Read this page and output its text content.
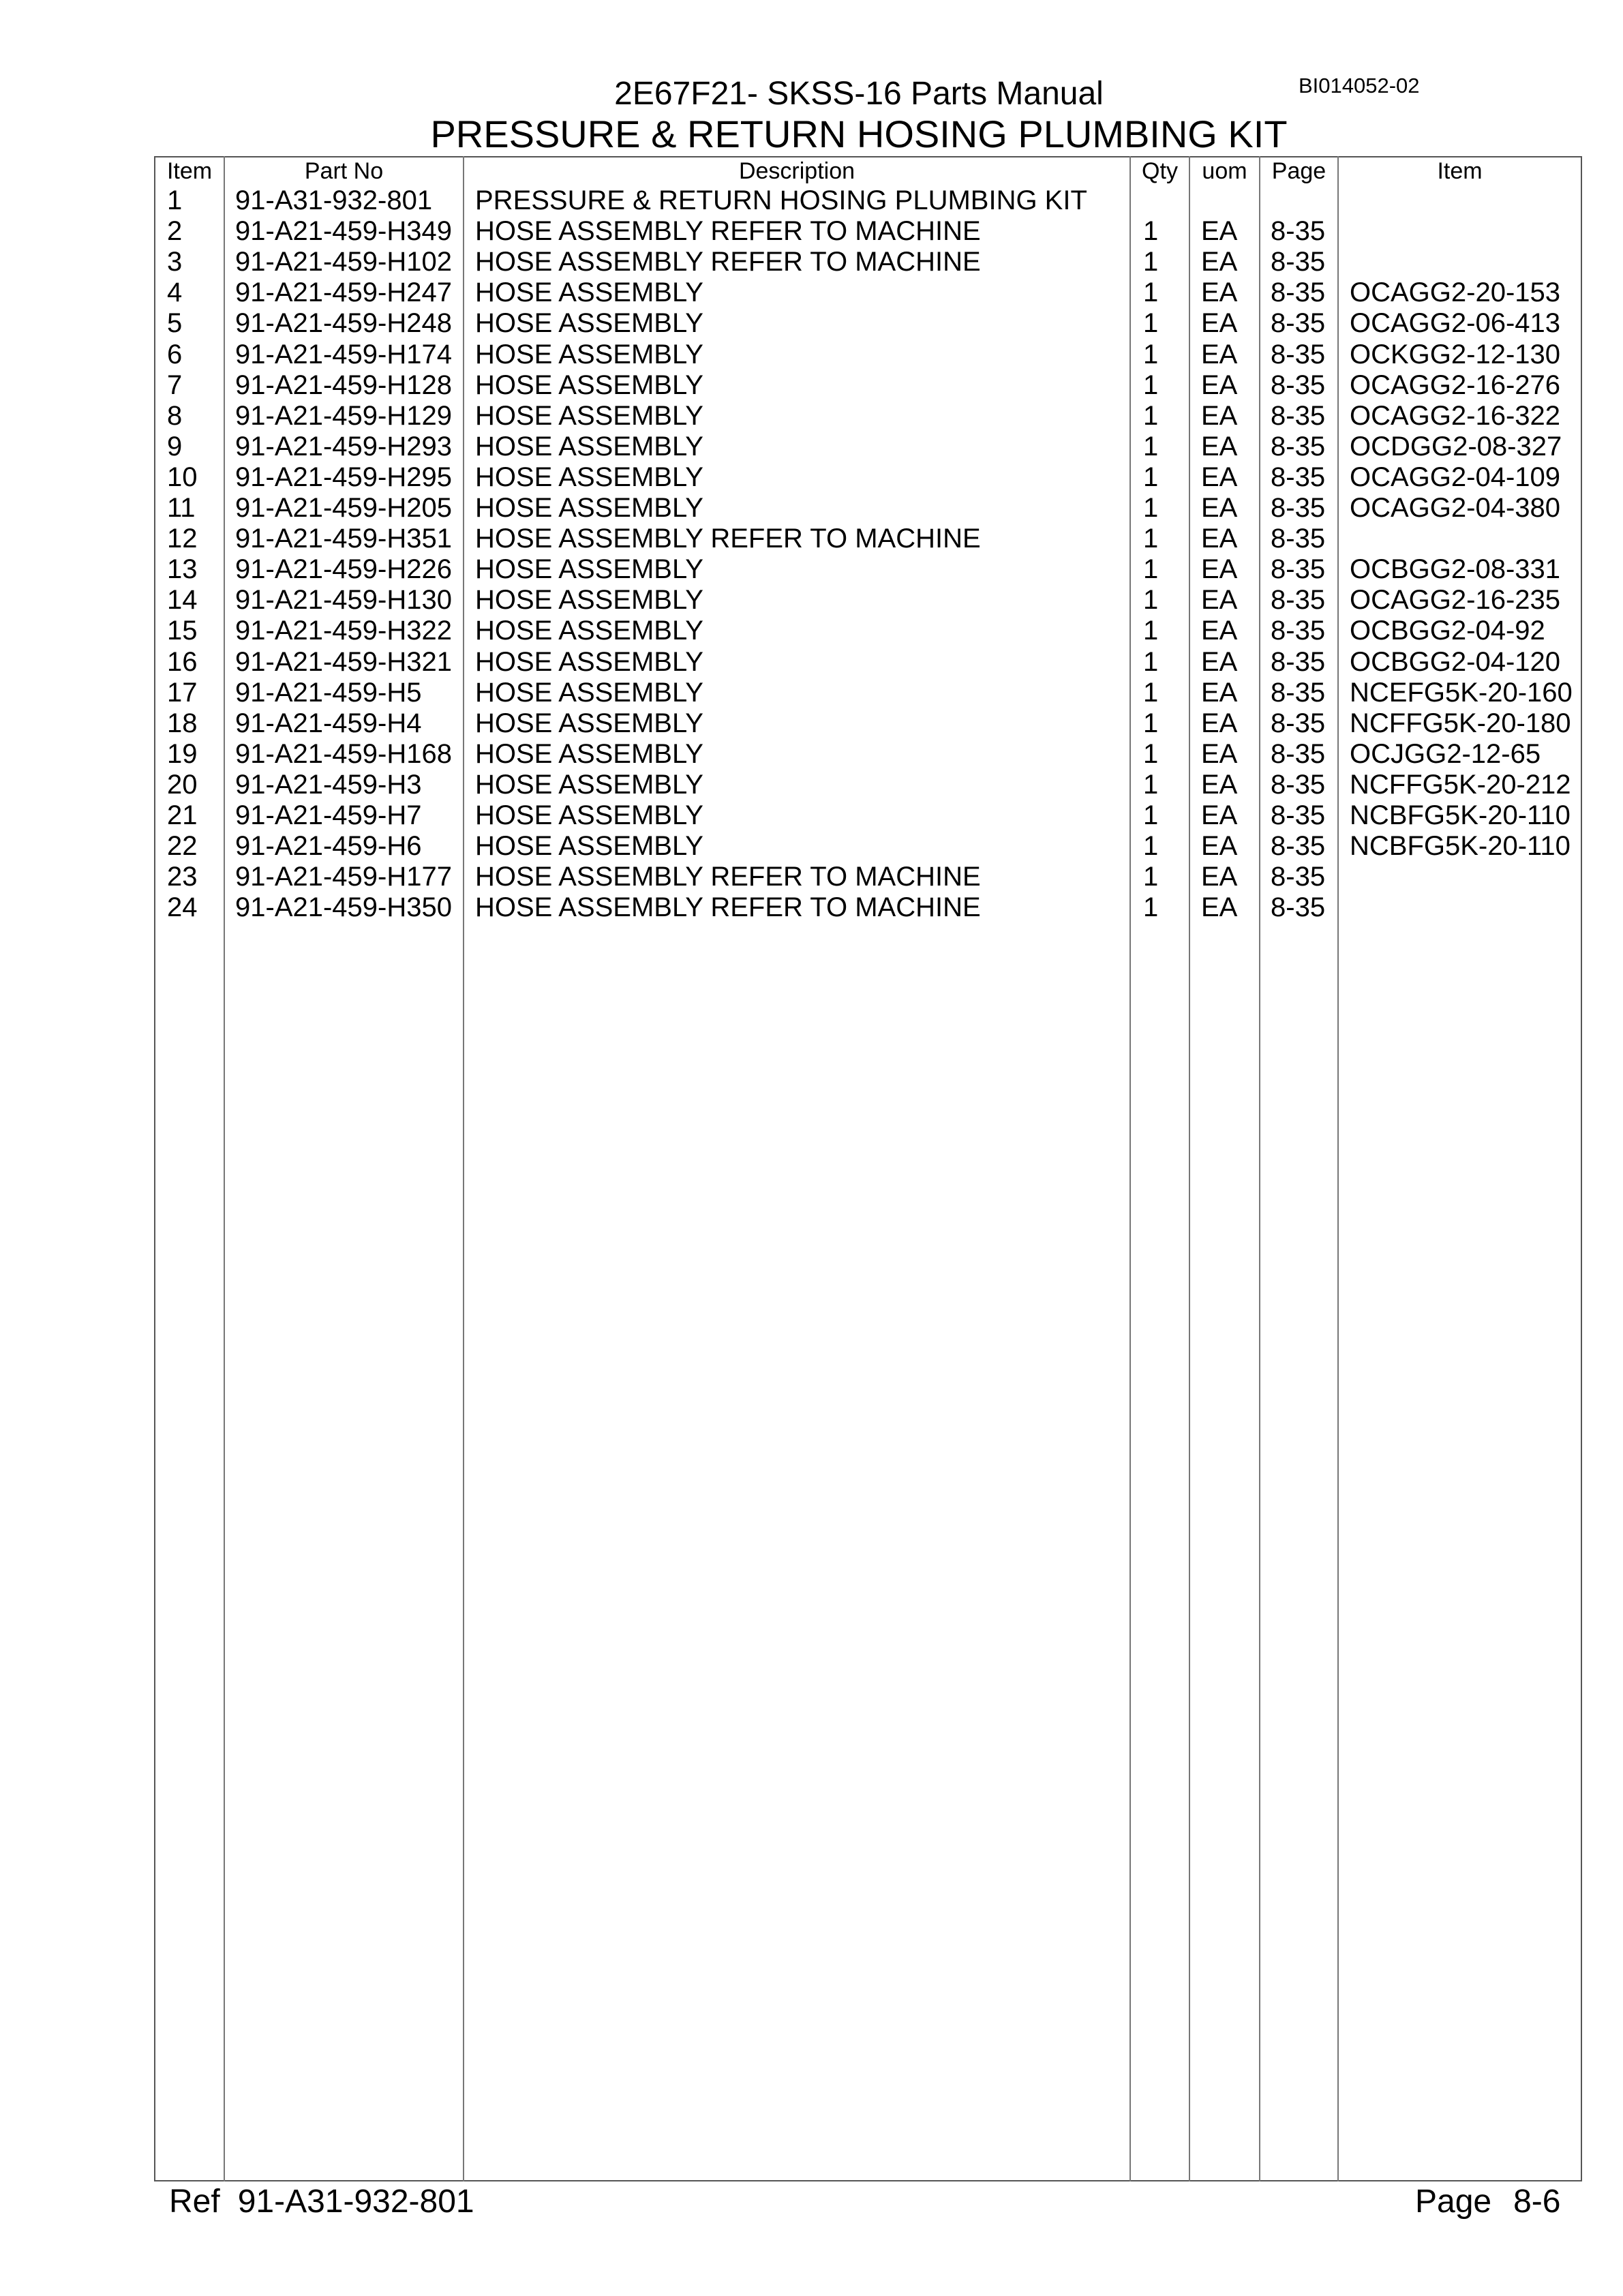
BI014052-02
2E67F21- SKSS-16 Parts Manual
PRESSURE & RETURN HOSING PLUMBING KIT
Item	Part No	Description	Qty	uom	Page	Item
1 91-A31-932-801 PRESSURE & RETURN HOSING PLUMBING KIT
2 91-A21-459-H349 HOSE ASSEMBLY REFER TO MACHINE	1 EA 8-35
3 91-A21-459-H102 HOSE ASSEMBLY REFER TO MACHINE	1 EA 8-35
4 91-A21-459-H247 HOSE ASSEMBLY	1 EA 8-35 OCAGG2-20-153
5 91-A21-459-H248 HOSE ASSEMBLY	1 EA 8-35 OCAGG2-06-413
6 91-A21-459-H174 HOSE ASSEMBLY	1 EA 8-35 OCKGG2-12-130
7 91-A21-459-H128 HOSE ASSEMBLY	1 EA 8-35 OCAGG2-16-276
8 91-A21-459-H129 HOSE ASSEMBLY	1 EA 8-35 OCAGG2-16-322
9 91-A21-459-H293 HOSE ASSEMBLY	1 EA 8-35 OCDGG2-08-327
10 91-A21-459-H295 HOSE ASSEMBLY	1 EA 8-35 OCAGG2-04-109
11 91-A21-459-H205 HOSE ASSEMBLY	1 EA 8-35 OCAGG2-04-380
12 91-A21-459-H351 HOSE ASSEMBLY REFER TO MACHINE	1 EA 8-35
13 91-A21-459-H226 HOSE ASSEMBLY	1 EA 8-35 OCBGG2-08-331
14 91-A21-459-H130 HOSE ASSEMBLY	1 EA 8-35 OCAGG2-16-235
15 91-A21-459-H322 HOSE ASSEMBLY	1 EA 8-35 OCBGG2-04-92
16 91-A21-459-H321 HOSE ASSEMBLY	1 EA 8-35 OCBGG2-04-120
17 91-A21-459-H5 HOSE ASSEMBLY	1 EA 8-35 NCEFG5K-20-160
18 91-A21-459-H4 HOSE ASSEMBLY	1 EA 8-35 NCFFG5K-20-180
19 91-A21-459-H168 HOSE ASSEMBLY	1 EA 8-35 OCJGG2-12-65
20 91-A21-459-H3 HOSE ASSEMBLY	1 EA 8-35 NCFFG5K-20-212
21 91-A21-459-H7 HOSE ASSEMBLY	1 EA 8-35 NCBFG5K-20-110
22 91-A21-459-H6 HOSE ASSEMBLY	1 EA 8-35 NCBFG5K-20-110
23 91-A21-459-H177 HOSE ASSEMBLY REFER TO MACHINE	1 EA 8-35
24 91-A21-459-H350 HOSE ASSEMBLY REFER TO MACHINE	1 EA 8-35
Ref 91-A31-932-801	Page 8-6
